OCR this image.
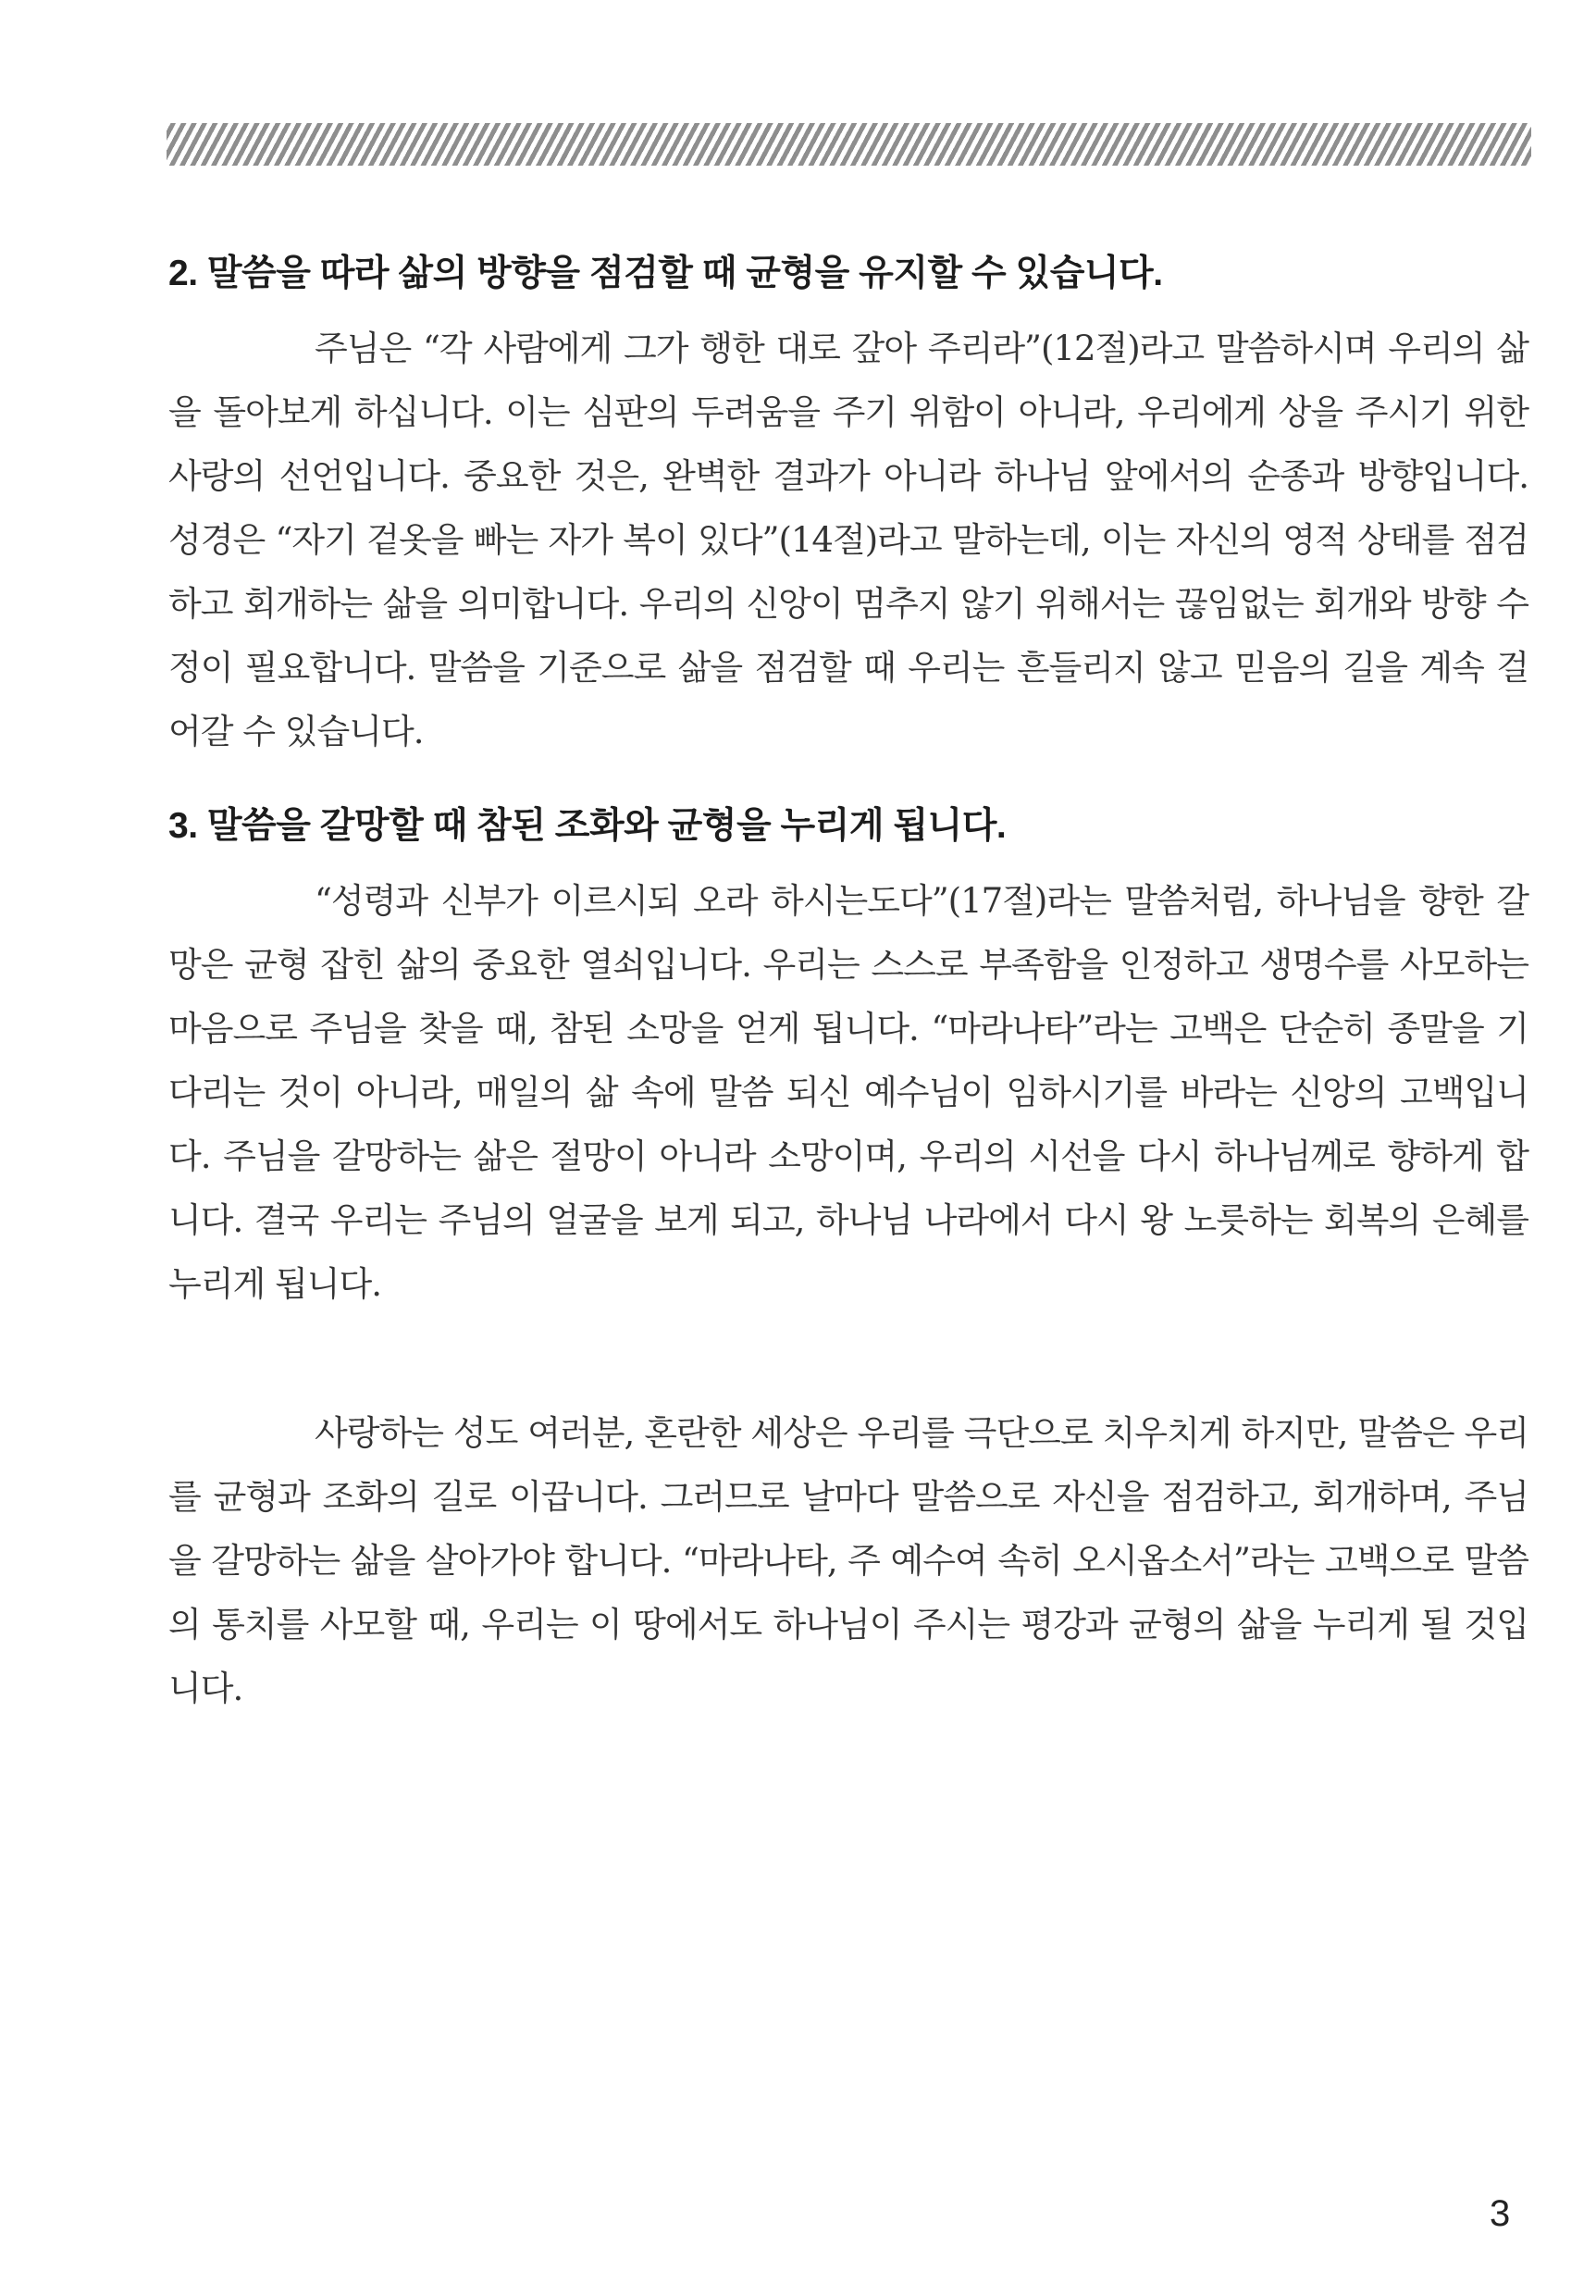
2. 말씀을 따라 삶의 방향을 점검할 때 균형을 유지할 수 있습니다.

주님은 “각 사람에게 그가 행한 대로 갚아 주리라”(12절)라고 말씀하시며 우리의 삶을 돌아보게 하십니다. 이는 심판의 두려움을 주기 위함이 아니라, 우리에게 상을 주시기 위한 사랑의 선언입니다. 중요한 것은, 완벽한 결과가 아니라 하나님 앞에서의 순종과 방향입니다. 성경은 “자기 겉옷을 빠는 자가 복이 있다”(14절)라고 말하는데, 이는 자신의 영적 상태를 점검하고 회개하는 삶을 의미합니다. 우리의 신앙이 멈추지 않기 위해서는 끊임없는 회개와 방향 수정이 필요합니다. 말씀을 기준으로 삶을 점검할 때 우리는 흔들리지 않고 믿음의 길을 계속 걸어갈 수 있습니다.

3. 말씀을 갈망할 때 참된 조화와 균형을 누리게 됩니다.

“성령과 신부가 이르시되 오라 하시는도다”(17절)라는 말씀처럼, 하나님을 향한 갈망은 균형 잡힌 삶의 중요한 열쇠입니다. 우리는 스스로 부족함을 인정하고 생명수를 사모하는 마음으로 주님을 찾을 때, 참된 소망을 얻게 됩니다. “마라나타”라는 고백은 단순히 종말을 기다리는 것이 아니라, 매일의 삶 속에 말씀 되신 예수님이 임하시기를 바라는 신앙의 고백입니다. 주님을 갈망하는 삶은 절망이 아니라 소망이며, 우리의 시선을 다시 하나님께로 향하게 합니다. 결국 우리는 주님의 얼굴을 보게 되고, 하나님 나라에서 다시 왕 노릇하는 회복의 은혜를 누리게 됩니다.

사랑하는 성도 여러분, 혼란한 세상은 우리를 극단으로 치우치게 하지만, 말씀은 우리를 균형과 조화의 길로 이끕니다. 그러므로 날마다 말씀으로 자신을 점검하고, 회개하며, 주님을 갈망하는 삶을 살아가야 합니다. “마라나타, 주 예수여 속히 오시옵소서”라는 고백으로 말씀의 통치를 사모할 때, 우리는 이 땅에서도 하나님이 주시는 평강과 균형의 삶을 누리게 될 것입니다.

3
